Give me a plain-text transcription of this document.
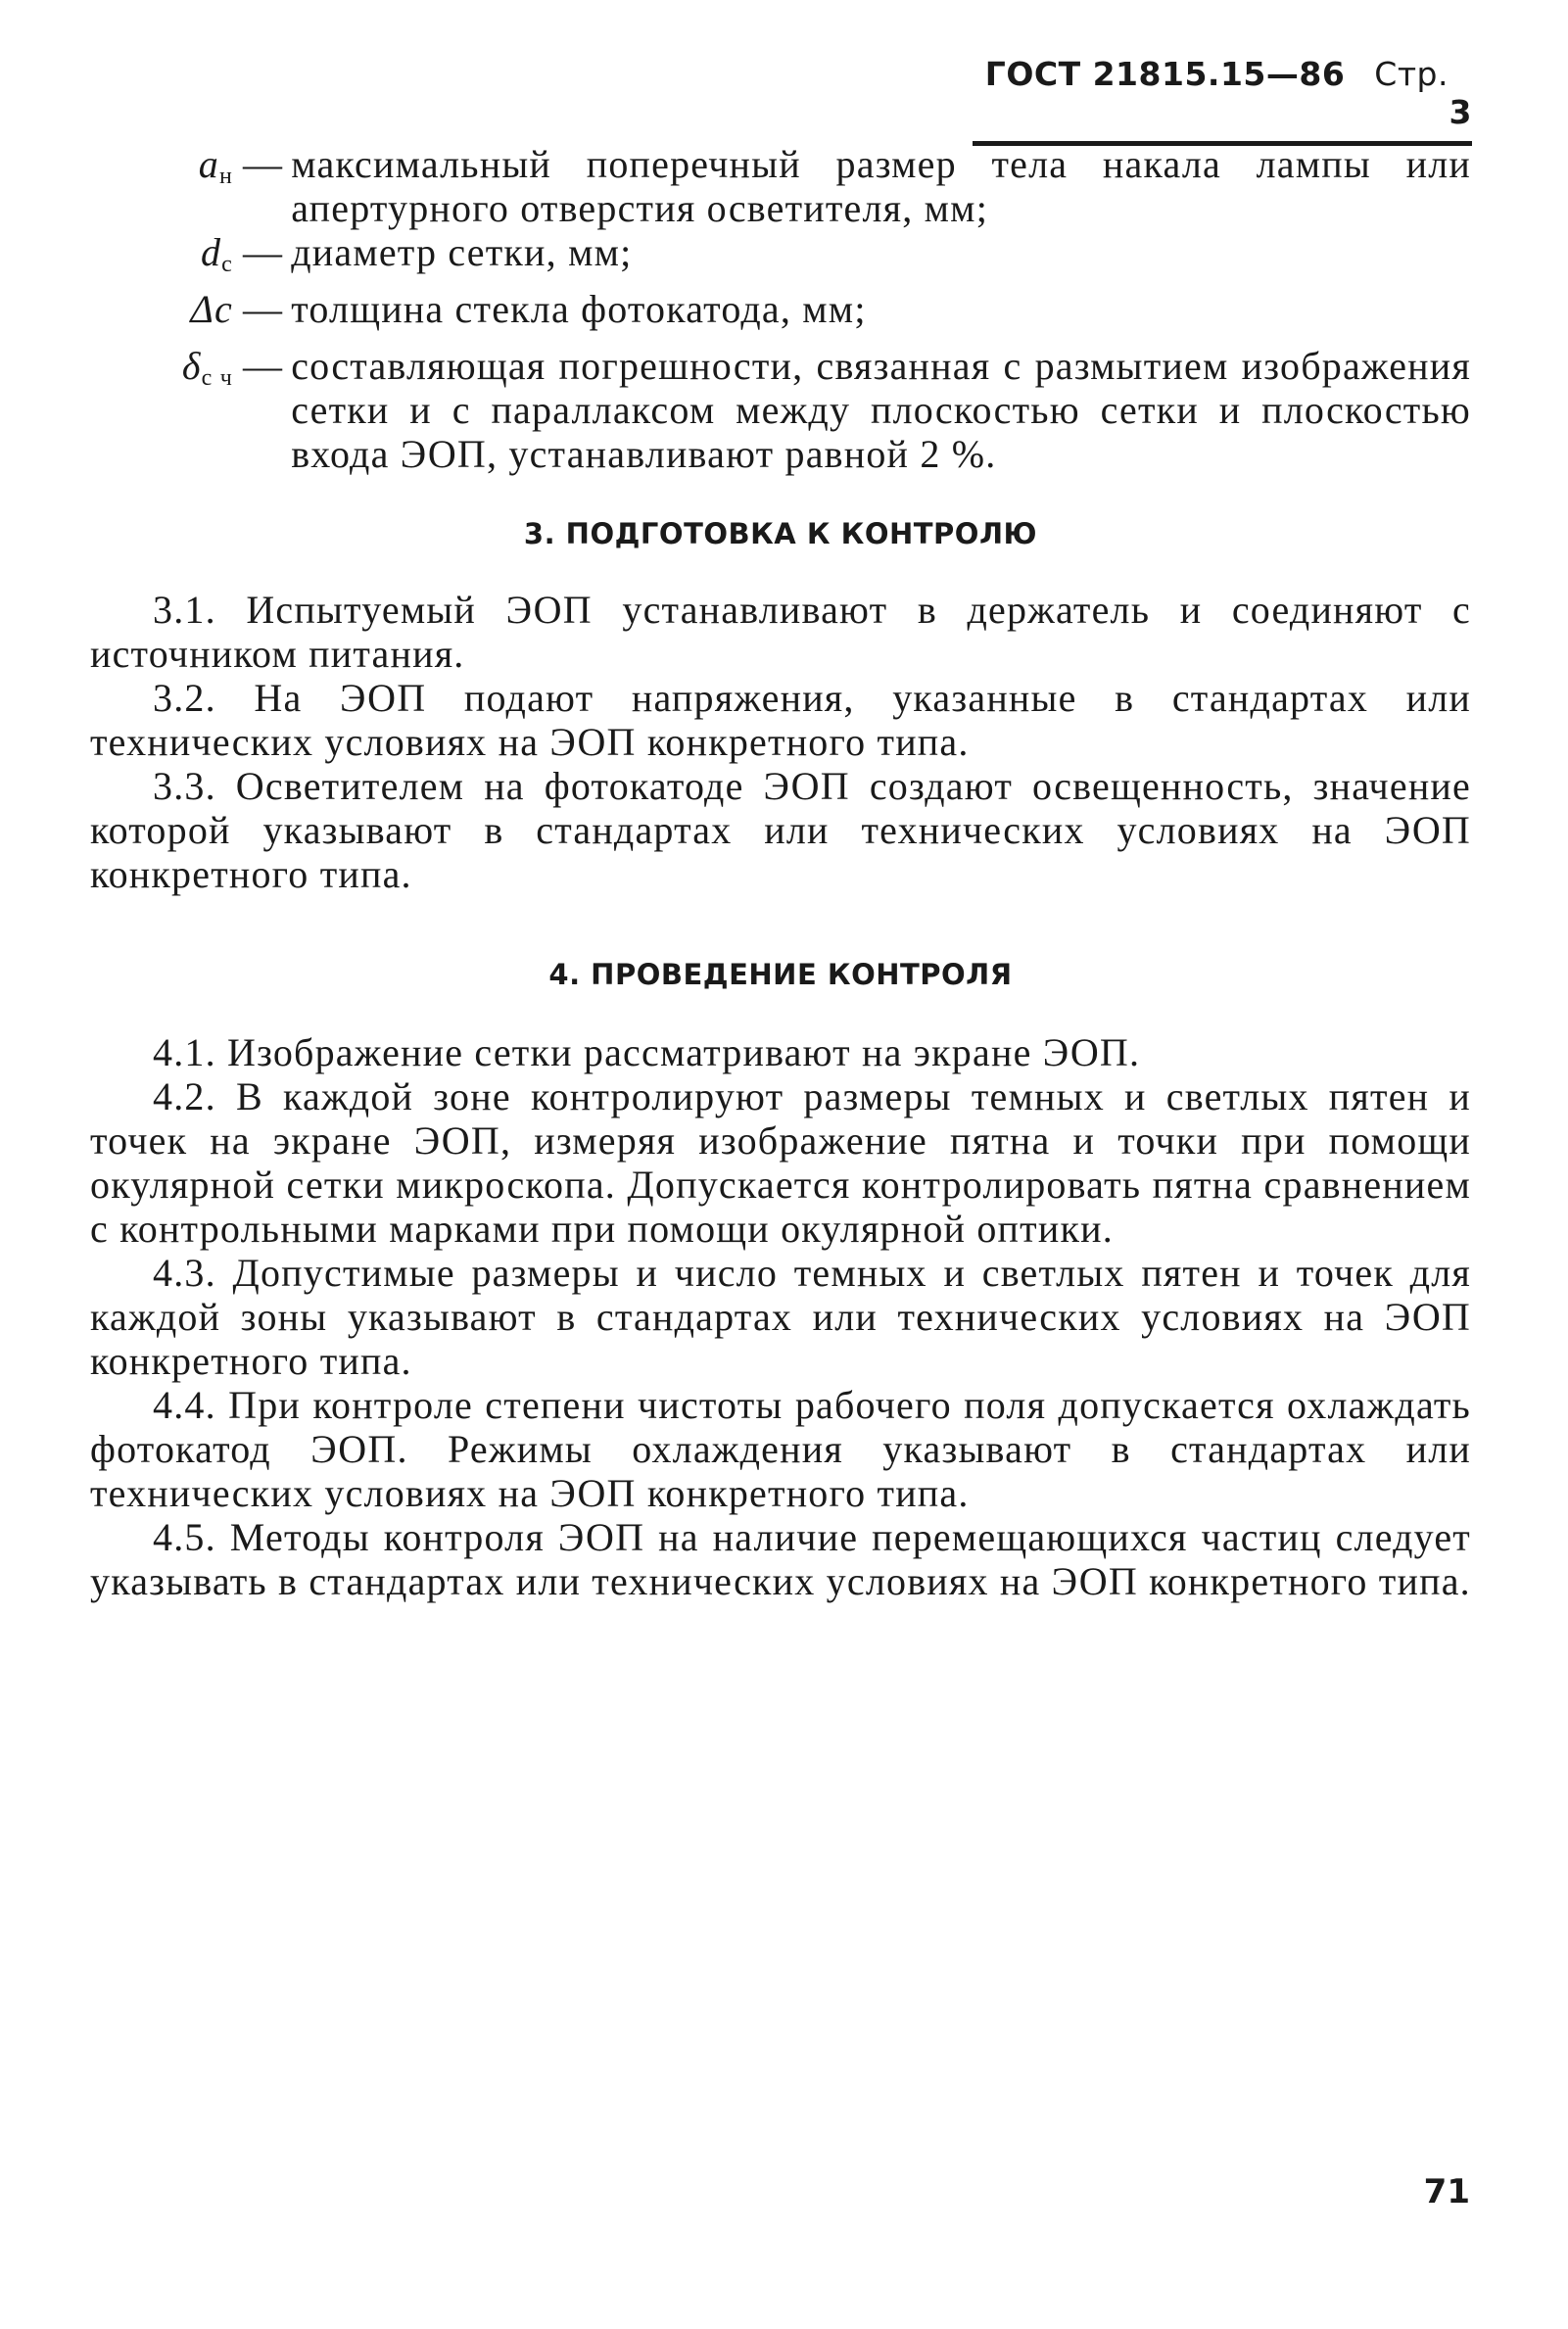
ГОСТ 21815.15—86 Стр.3
$a_н$ — максимальный поперечный размер тела накала лампы или апертурного отверстия осветителя, мм;
$d_с$ — диаметр сетки, мм;
Δс — толщина стекла фотокатода, мм;
$\delta_{с ч}$ — составляющая погрешности, связанная с размытием изображения сетки и с параллаксом между плоскостью сетки и плоскостью входа ЭОП, устанавливают равной 2 %.
3. ПОДГОТОВКА К КОНТРОЛЮ

3.1. Испытуемый ЭОП устанавливают в держатель и соединяют с источником питания.

3.2. На ЭОП подают напряжения, указанные в стандартах или технических условиях на ЭОП конкретного типа.

3.3. Осветителем на фотокатоде ЭОП создают освещенность, значение которой указывают в стандартах или технических условиях на ЭОП конкретного типа.

4. ПРОВЕДЕНИЕ КОНТРОЛЯ

4.1. Изображение сетки рассматривают на экране ЭОП.

4.2. В каждой зоне контролируют размеры темных и светлых пятен и точек на экране ЭОП, измеряя изображение пятна и точки при помощи окулярной сетки микроскопа. Допускается контролировать пятна сравнением с контрольными марками при помощи окулярной оптики.

4.3. Допустимые размеры и число темных и светлых пятен и точек для каждой зоны указывают в стандартах или технических условиях на ЭОП конкретного типа.

4.4. При контроле степени чистоты рабочего поля допускается охлаждать фотокатод ЭОП. Режимы охлаждения указывают в стандартах или технических условиях на ЭОП конкретного типа.

4.5. Методы контроля ЭОП на наличие перемещающихся частиц следует указывать в стандартах или технических условиях на ЭОП конкретного типа.

71
